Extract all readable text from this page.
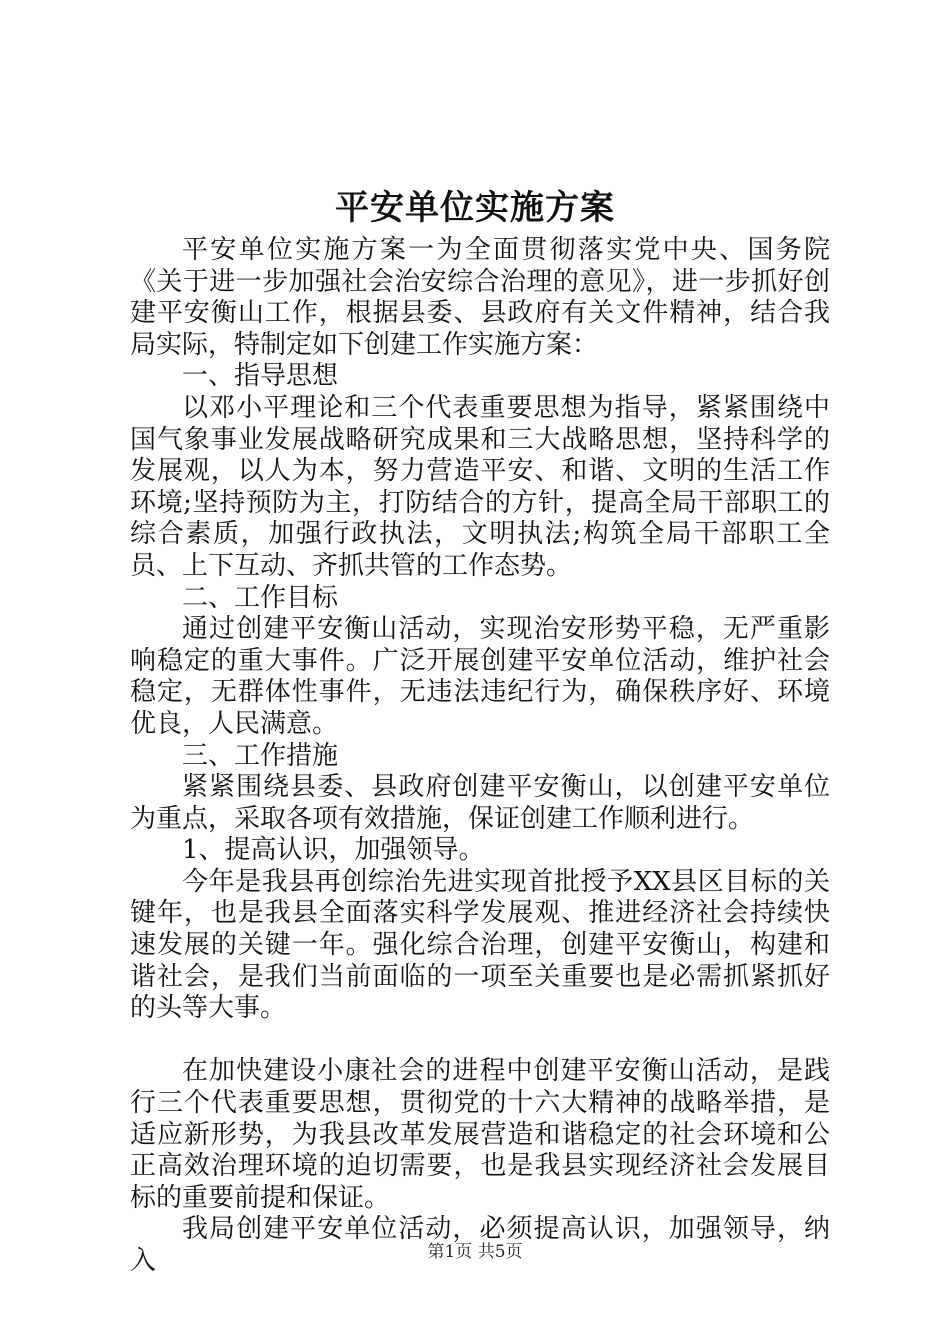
平安单位实施方案

平安单位实施方案一为全面贯彻落实党中央、国务院《关于进一步加强社会治安综合治理的意见》，进一步抓好创建平安衡山工作，根据县委、县政府有关文件精神，结合我局实际，特制定如下创建工作实施方案：

一、指导思想

以邓小平理论和三个代表重要思想为指导，紧紧围绕中国气象事业发展战略研究成果和三大战略思想，坚持科学的发展观，以人为本，努力营造平安、和谐、文明的生活工作环境;坚持预防为主，打防结合的方针，提高全局干部职工的综合素质，加强行政执法，文明执法;构筑全局干部职工全员、上下互动、齐抓共管的工作态势。

二、工作目标

通过创建平安衡山活动，实现治安形势平稳，无严重影响稳定的重大事件。广泛开展创建平安单位活动，维护社会稳定，无群体性事件，无违法违纪行为，确保秩序好、环境优良，人民满意。

三、工作措施

紧紧围绕县委、县政府创建平安衡山，以创建平安单位为重点，采取各项有效措施，保证创建工作顺利进行。

1、提高认识，加强领导。

今年是我县再创综治先进实现首批授予XX县区目标的关键年，也是我县全面落实科学发展观、推进经济社会持续快速发展的关键一年。强化综合治理，创建平安衡山，构建和谐社会，是我们当前面临的一项至关重要也是必需抓紧抓好的头等大事。

在加快建设小康社会的进程中创建平安衡山活动，是践行三个代表重要思想，贯彻党的十六大精神的战略举措，是适应新形势，为我县改革发展营造和谐稳定的社会环境和公正高效治理环境的迫切需要，也是我县实现经济社会发展目标的重要前提和保证。

我局创建平安单位活动，必须提高认识，加强领导，纳入	第1页 共5页
